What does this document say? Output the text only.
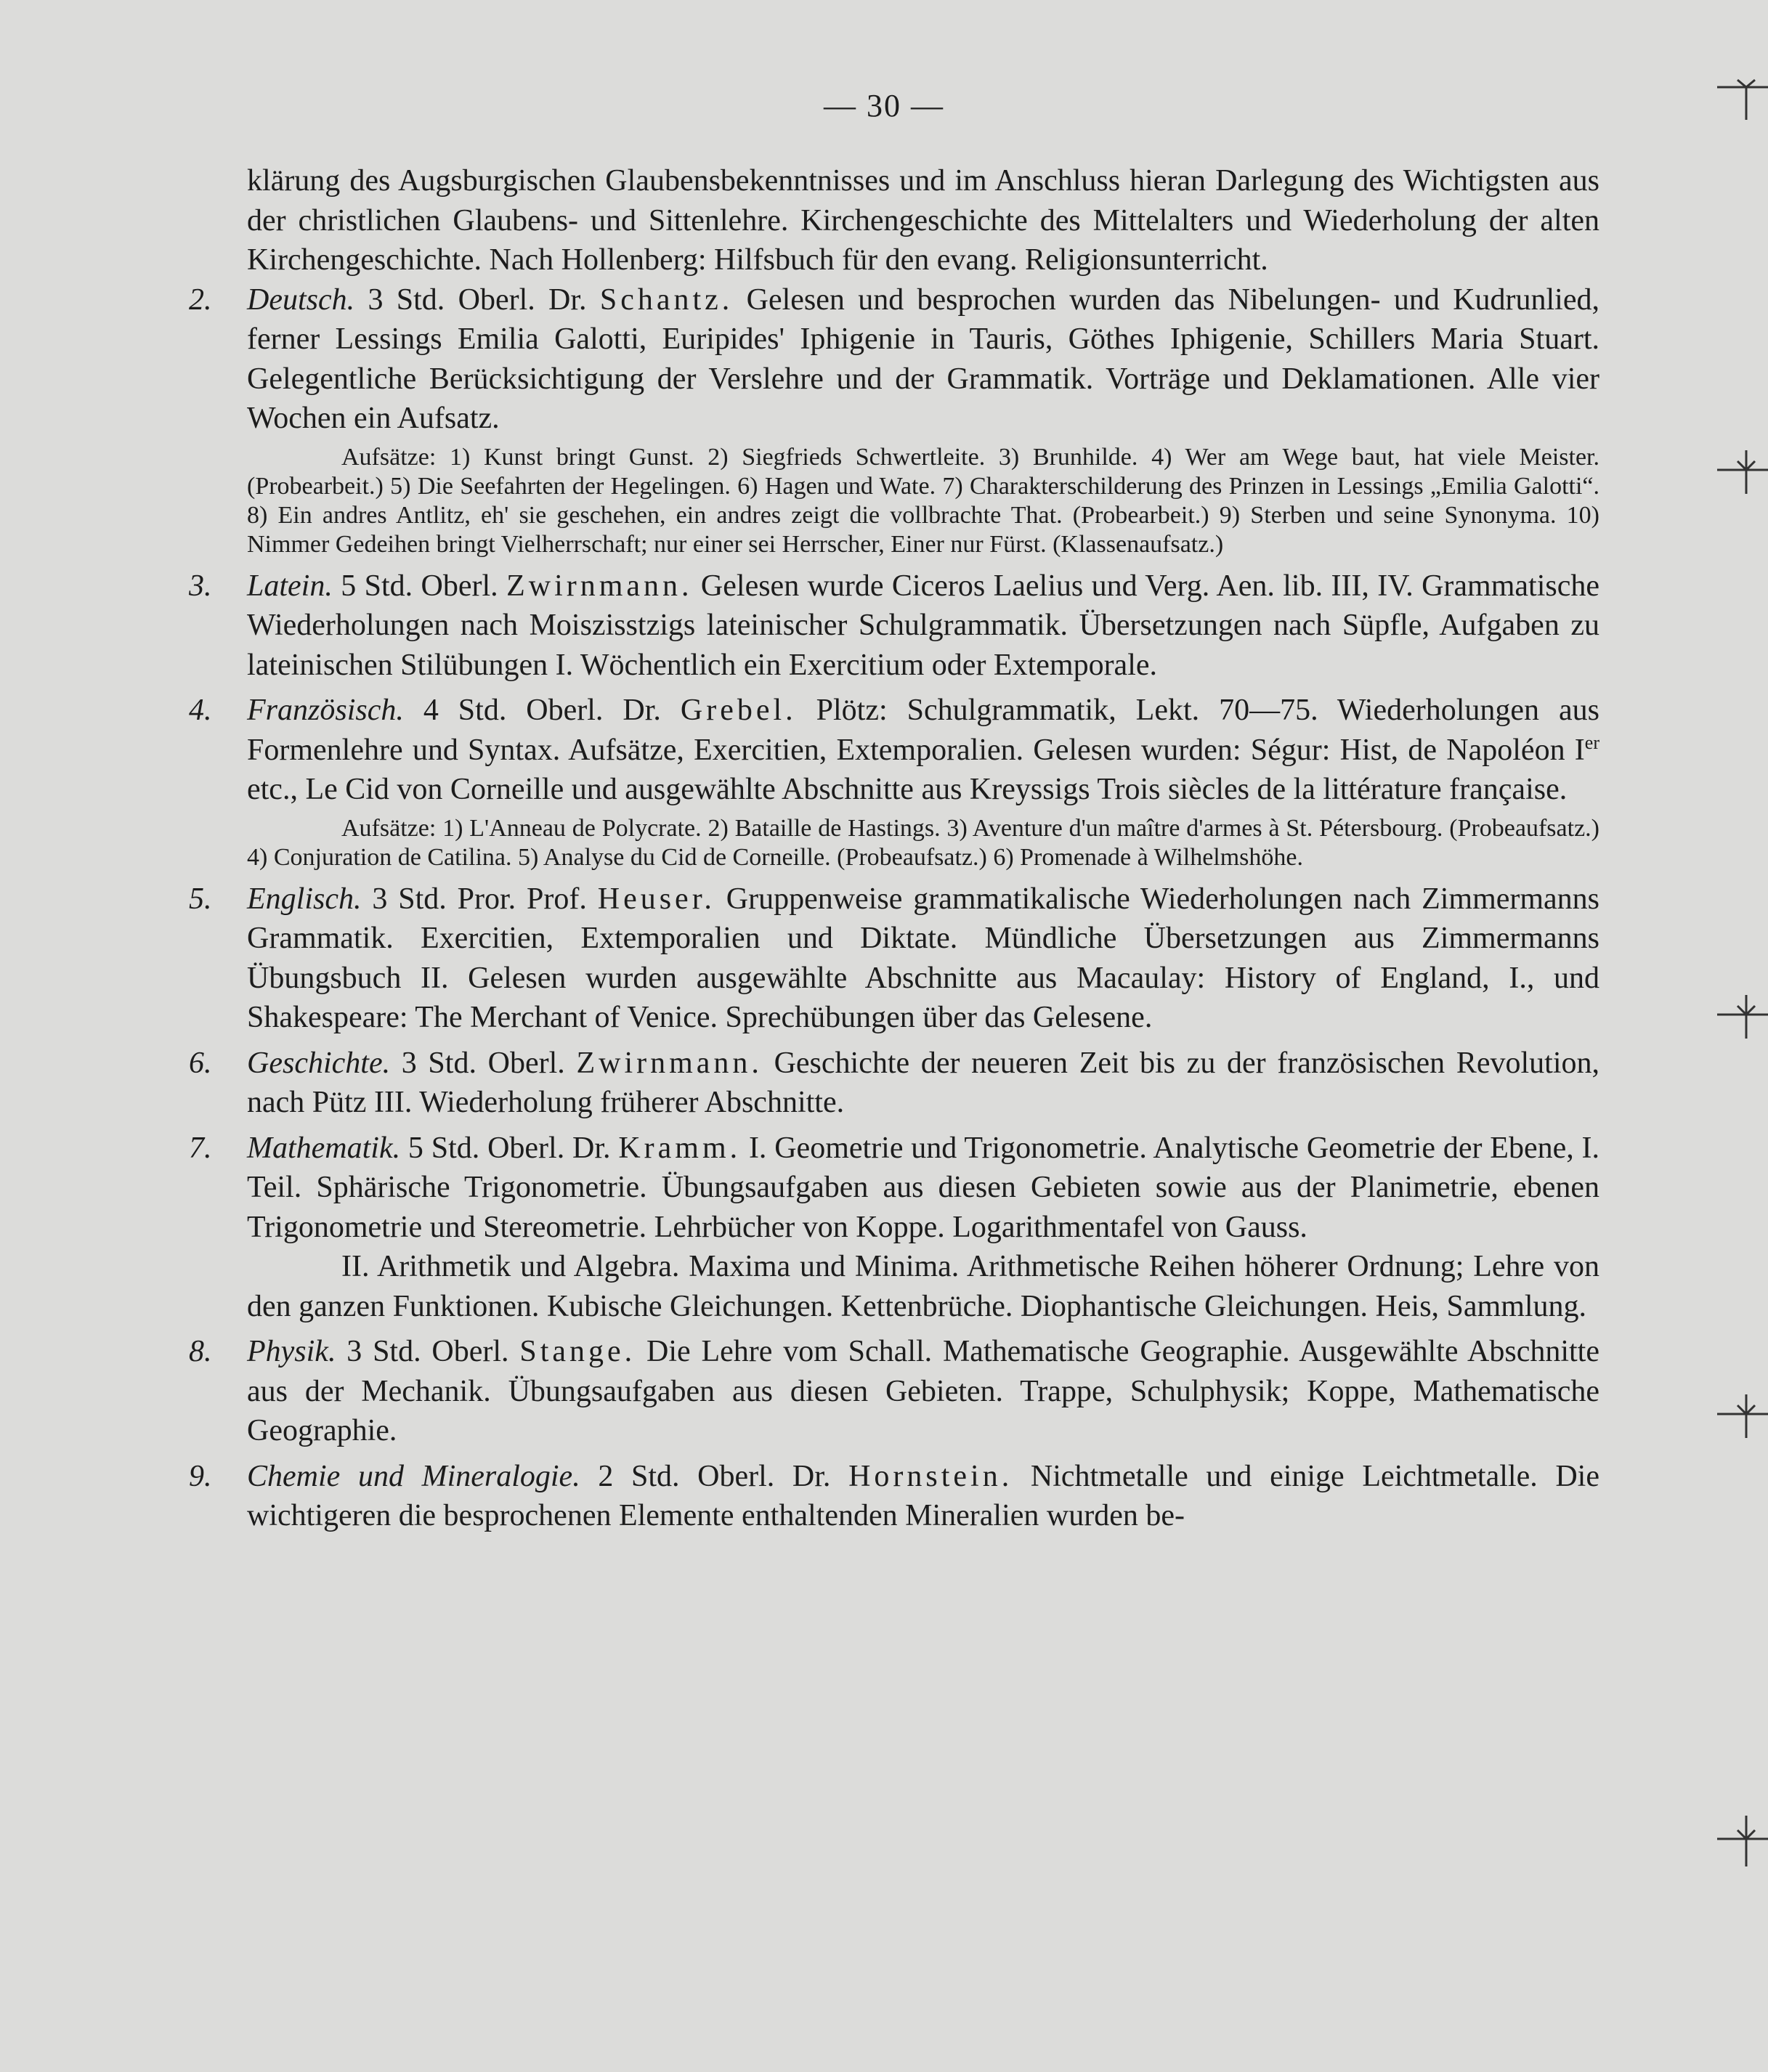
— 30 —

klärung des Augsburgischen Glaubensbekenntnisses und im Anschluss hieran Darlegung des Wichtigsten aus der christlichen Glaubens- und Sittenlehre. Kirchengeschichte des Mittelalters und Wiederholung der alten Kirchengeschichte. Nach Hollenberg: Hilfsbuch für den evang. Religionsunterricht.

2. Deutsch. 3 Std. Oberl. Dr. Schantz. Gelesen und besprochen wurden das Nibelungen- und Kudrunlied, ferner Lessings Emilia Galotti, Euripides' Iphigenie in Tauris, Göthes Iphigenie, Schillers Maria Stuart. Gelegentliche Berücksichtigung der Verslehre und der Grammatik. Vorträge und Deklamationen. Alle vier Wochen ein Aufsatz.

Aufsätze: 1) Kunst bringt Gunst. 2) Siegfrieds Schwertleite. 3) Brunhilde. 4) Wer am Wege baut, hat viele Meister. (Probearbeit.) 5) Die Seefahrten der Hegelingen. 6) Hagen und Wate. 7) Charakterschilderung des Prinzen in Lessings „Emilia Galotti“. 8) Ein andres Antlitz, eh' sie geschehen, ein andres zeigt die vollbrachte That. (Probearbeit.) 9) Sterben und seine Synonyma. 10) Nimmer Gedeihen bringt Vielherrschaft; nur einer sei Herrscher, Einer nur Fürst. (Klassenaufsatz.)

3. Latein. 5 Std. Oberl. Zwirnmann. Gelesen wurde Ciceros Laelius und Verg. Aen. lib. III, IV. Grammatische Wiederholungen nach Moiszisstzigs lateinischer Schulgrammatik. Übersetzungen nach Süpfle, Aufgaben zu lateinischen Stilübungen I. Wöchentlich ein Exercitium oder Extemporale.

4. Französisch. 4 Std. Oberl. Dr. Grebel. Plötz: Schulgrammatik, Lekt. 70—75. Wiederholungen aus Formenlehre und Syntax. Aufsätze, Exercitien, Extemporalien. Gelesen wurden: Ségur: Hist, de Napoléon Ier etc., Le Cid von Corneille und ausgewählte Abschnitte aus Kreyssigs Trois siècles de la littérature française.

Aufsätze: 1) L'Anneau de Polycrate. 2) Bataille de Hastings. 3) Aventure d'un maître d'armes à St. Pétersbourg. (Probeaufsatz.) 4) Conjuration de Catilina. 5) Analyse du Cid de Corneille. (Probeaufsatz.) 6) Promenade à Wilhelmshöhe.

5. Englisch. 3 Std. Pror. Prof. Heuser. Gruppenweise grammatikalische Wiederholungen nach Zimmermanns Grammatik. Exercitien, Extemporalien und Diktate. Mündliche Übersetzungen aus Zimmermanns Übungsbuch II. Gelesen wurden ausgewählte Abschnitte aus Macaulay: History of England, I., und Shakespeare: The Merchant of Venice. Sprechübungen über das Gelesene.

6. Geschichte. 3 Std. Oberl. Zwirnmann. Geschichte der neueren Zeit bis zu der französischen Revolution, nach Pütz III. Wiederholung früherer Abschnitte.

7. Mathematik. 5 Std. Oberl. Dr. Kramm. I. Geometrie und Trigonometrie. Analytische Geometrie der Ebene, I. Teil. Sphärische Trigonometrie. Übungsaufgaben aus diesen Gebieten sowie aus der Planimetrie, ebenen Trigonometrie und Stereometrie. Lehrbücher von Koppe. Logarithmentafel von Gauss.

II. Arithmetik und Algebra. Maxima und Minima. Arithmetische Reihen höherer Ordnung; Lehre von den ganzen Funktionen. Kubische Gleichungen. Kettenbrüche. Diophantische Gleichungen. Heis, Sammlung.

8. Physik. 3 Std. Oberl. Stange. Die Lehre vom Schall. Mathematische Geographie. Ausgewählte Abschnitte aus der Mechanik. Übungsaufgaben aus diesen Gebieten. Trappe, Schulphysik; Koppe, Mathematische Geographie.

9. Chemie und Mineralogie. 2 Std. Oberl. Dr. Hornstein. Nichtmetalle und einige Leichtmetalle. Die wichtigeren die besprochenen Elemente enthaltenden Mineralien wurden be-
